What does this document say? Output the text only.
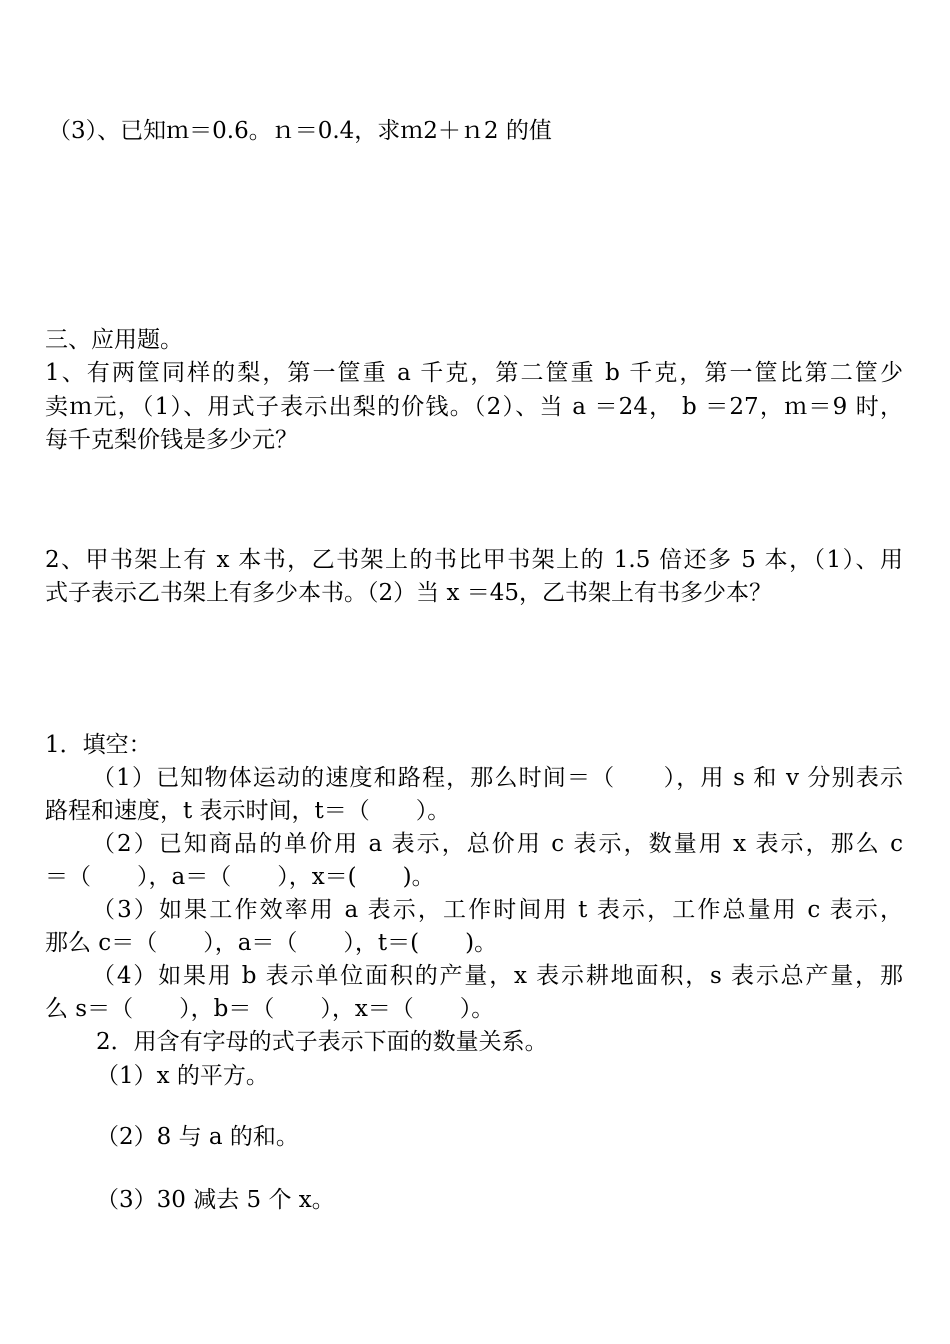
（3）、已知ｍ＝0.6。ｎ＝0.4，求ｍ2＋ｎ2 的值
三、应用题。
1、有两筐同样的梨，第一筐重 a 千克，第二筐重 b 千克，第一筐比第二筐少
卖ｍ元，（1）、用式子表示出梨的价钱。（2）、当 a ＝24， b ＝27，ｍ＝9 时，
每千克梨价钱是多少元？
2、甲书架上有 x 本书，乙书架上的书比甲书架上的 1.5 倍还多 5 本，（1）、用
式子表示乙书架上有多少本书。（2）当 x ＝45，乙书架上有书多少本？
1．填空：
（1）已知物体运动的速度和路程，那么时间＝（　　），用 s 和 v 分别表示
路程和速度，t 表示时间，t＝（　　）。
（2）已知商品的单价用 a 表示，总价用 c 表示，数量用 x 表示，那么 c
＝（　　），a＝（　　），x＝(　　)。
（3）如果工作效率用 a 表示，工作时间用 t 表示，工作总量用 c 表示，
那么 c＝（　　），a＝（　　），t＝(　　)。
（4）如果用 b 表示单位面积的产量，x 表示耕地面积，s 表示总产量，那
么 s＝（　　），b＝（　　），x＝（　　）。
2．用含有字母的式子表示下面的数量关系。
（1）x 的平方。
（2）8 与 a 的和。
（3）30 减去 5 个 x。
